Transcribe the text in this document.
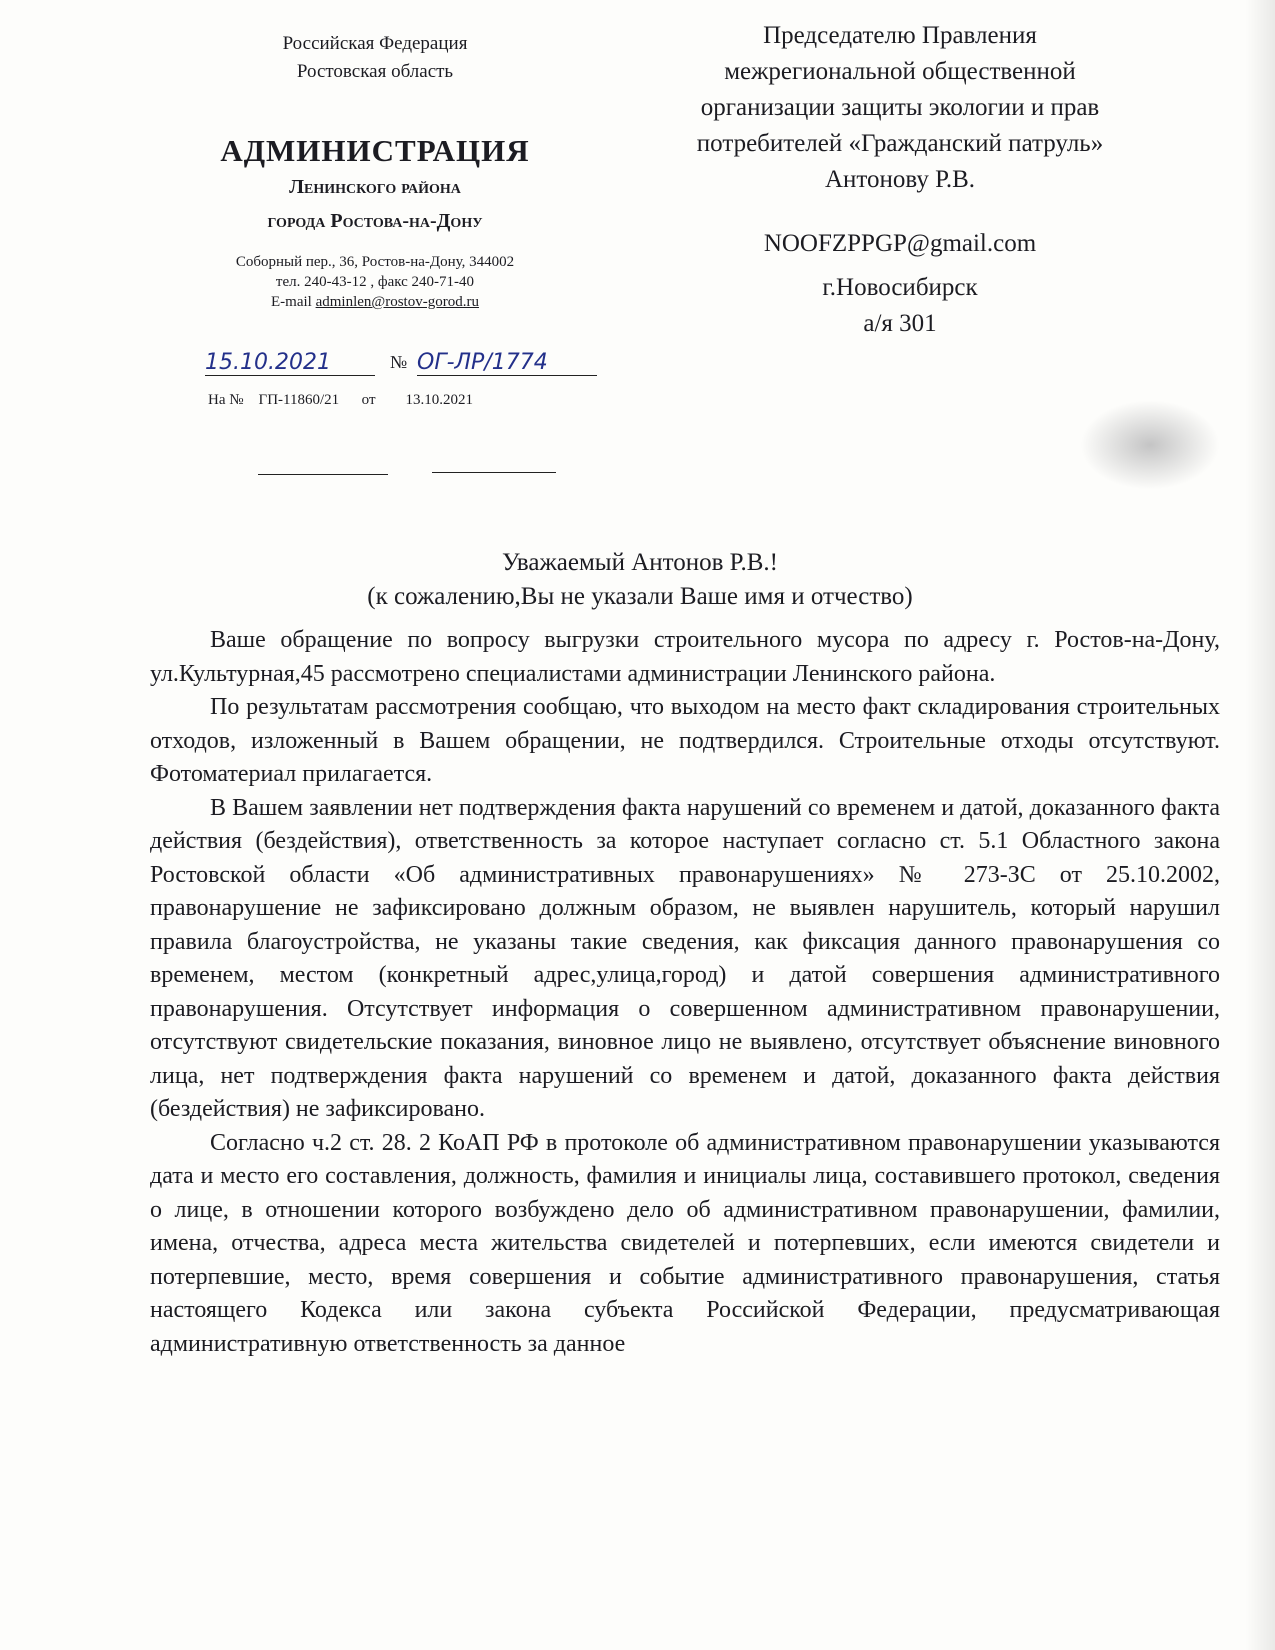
Российская Федерация
Ростовская область
АДМИНИСТРАЦИЯ
Ленинского района
города Ростова-на-Дону
Соборный пер., 36, Ростов-на-Дону, 344002
тел. 240-43-12 , факс 240-71-40
E-mail adminlen@rostov-gorod.ru
15.10.2021	№ ОГ-ЛР/1774
На №    ГП-11860/21      от        13.10.2021
Председателю Правления
межрегиональной общественной
организации защиты экологии и прав
потребителей «Гражданский патруль»
Антонову Р.В.
NOOFZPPGP@gmail.com
г.Новосибирск
а/я 301
Уважаемый Антонов Р.В.!
(к сожалению,Вы не указали Ваше имя и отчество)

Ваше обращение по вопросу выгрузки строительного мусора по адресу г. Ростов-на-Дону, ул.Культурная,45 рассмотрено специалистами администрации Ленинского района.

По результатам рассмотрения сообщаю, что выходом на место факт складирования строительных отходов, изложенный в Вашем обращении, не подтвердился. Строительные отходы отсутствуют. Фотоматериал прилагается.

В Вашем заявлении нет подтверждения факта нарушений со временем и датой, доказанного факта действия (бездействия), ответственность за которое наступает согласно ст. 5.1 Областного закона Ростовской области «Об административных правонарушениях» № 273-ЗС от 25.10.2002, правонарушение не зафиксировано должным образом, не выявлен нарушитель, который нарушил правила благоустройства, не указаны такие сведения, как фиксация данного правонарушения со временем, местом (конкретный адрес,улица,город) и датой совершения административного правонарушения. Отсутствует информация о совершенном административном правонарушении, отсутствуют свидетельские показания, виновное лицо не выявлено, отсутствует объяснение виновного лица, нет подтверждения факта нарушений со временем и датой, доказанного факта действия (бездействия) не зафиксировано.

Согласно ч.2 ст. 28. 2 КоАП РФ в протоколе об административном правонарушении указываются дата и место его составления, должность, фамилия и инициалы лица, составившего протокол, сведения о лице, в отношении которого возбуждено дело об административном правонарушении, фамилии, имена, отчества, адреса места жительства свидетелей и потерпевших, если имеются свидетели и потерпевшие, место, время совершения и событие административного правонарушения, статья настоящего Кодекса или закона субъекта Российской Федерации, предусматривающая административную ответственность за данное
